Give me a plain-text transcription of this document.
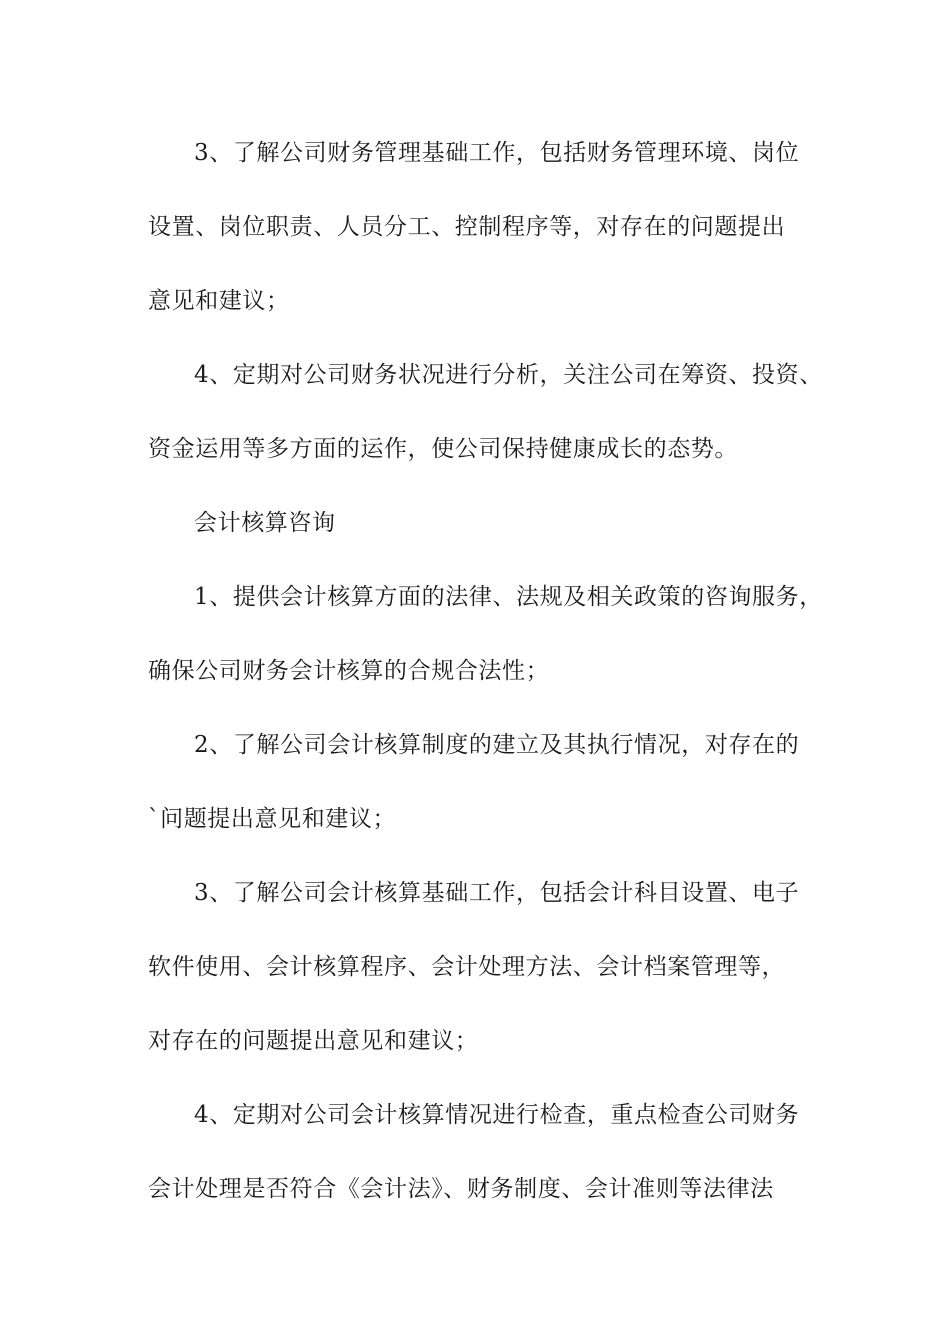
3、了解公司财务管理基础工作，包括财务管理环境、岗位
设置、岗位职责、人员分工、控制程序等，对存在的问题提出
意见和建议；
4、定期对公司财务状况进行分析，关注公司在筹资、投资、
资金运用等多方面的运作，使公司保持健康成长的态势。
会计核算咨询
1、提供会计核算方面的法律、法规及相关政策的咨询服务，
确保公司财务会计核算的合规合法性；
2、了解公司会计核算制度的建立及其执行情况，对存在的
`问题提出意见和建议；
3、了解公司会计核算基础工作，包括会计科目设置、电子
软件使用、会计核算程序、会计处理方法、会计档案管理等，
对存在的问题提出意见和建议；
4、定期对公司会计核算情况进行检查，重点检查公司财务
会计处理是否符合《会计法》、财务制度、会计准则等法律法
